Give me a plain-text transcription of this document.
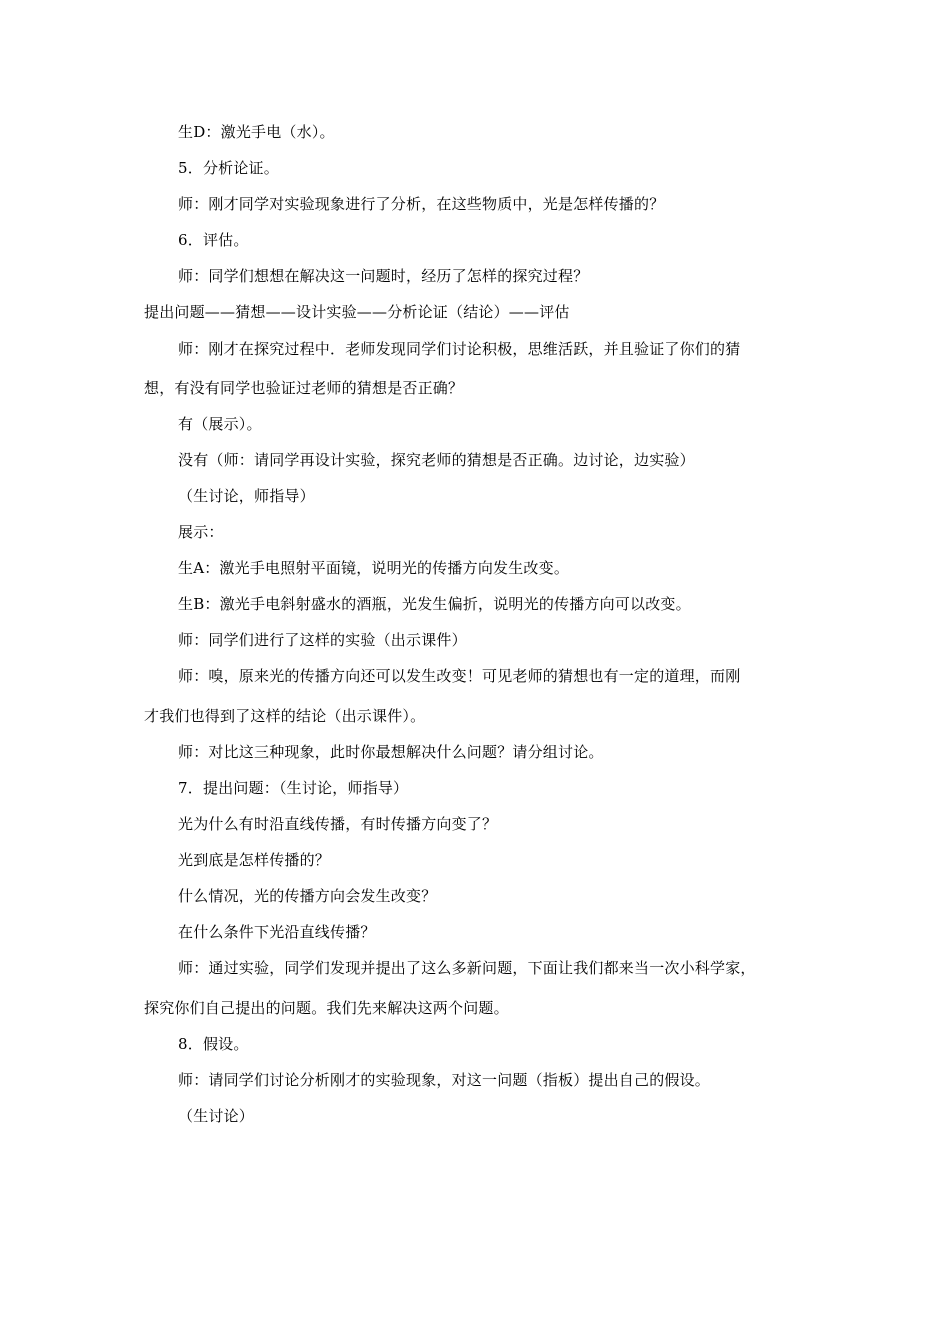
生D：激光手电（水）。
5．分析论证。
师：刚才同学对实验现象进行了分析，在这些物质中，光是怎样传播的？
6．评估。
师：同学们想想在解决这一问题时，经历了怎样的探究过程？
提出问题——猜想——设计实验——分析论证（结论）——评估
师：刚才在探究过程中．老师发现同学们讨论积极，思维活跃，并且验证了你们的猜
想，有没有同学也验证过老师的猜想是否正确？
有（展示）。
没有（师：请同学再设计实验，探究老师的猜想是否正确。边讨论，边实验）
（生讨论，师指导）
展示：
生A：激光手电照射平面镜，说明光的传播方向发生改变。
生B：激光手电斜射盛水的酒瓶，光发生偏折，说明光的传播方向可以改变。
师：同学们进行了这样的实验（出示课件）
师：嗅，原来光的传播方向还可以发生改变！可见老师的猜想也有一定的道理，而刚
才我们也得到了这样的结论（出示课件）。
师：对比这三种现象，此时你最想解决什么问题？请分组讨论。
7．提出问题：（生讨论，师指导）
光为什么有时沿直线传播，有时传播方向变了？
光到底是怎样传播的？
什么情况，光的传播方向会发生改变？
在什么条件下光沿直线传播？
师：通过实验，同学们发现并提出了这么多新问题，下面让我们都来当一次小科学家，
探究你们自己提出的问题。我们先来解决这两个问题。
8．假设。
师：请同学们讨论分析刚才的实验现象，对这一问题（指板）提出自己的假设。
（生讨论）
